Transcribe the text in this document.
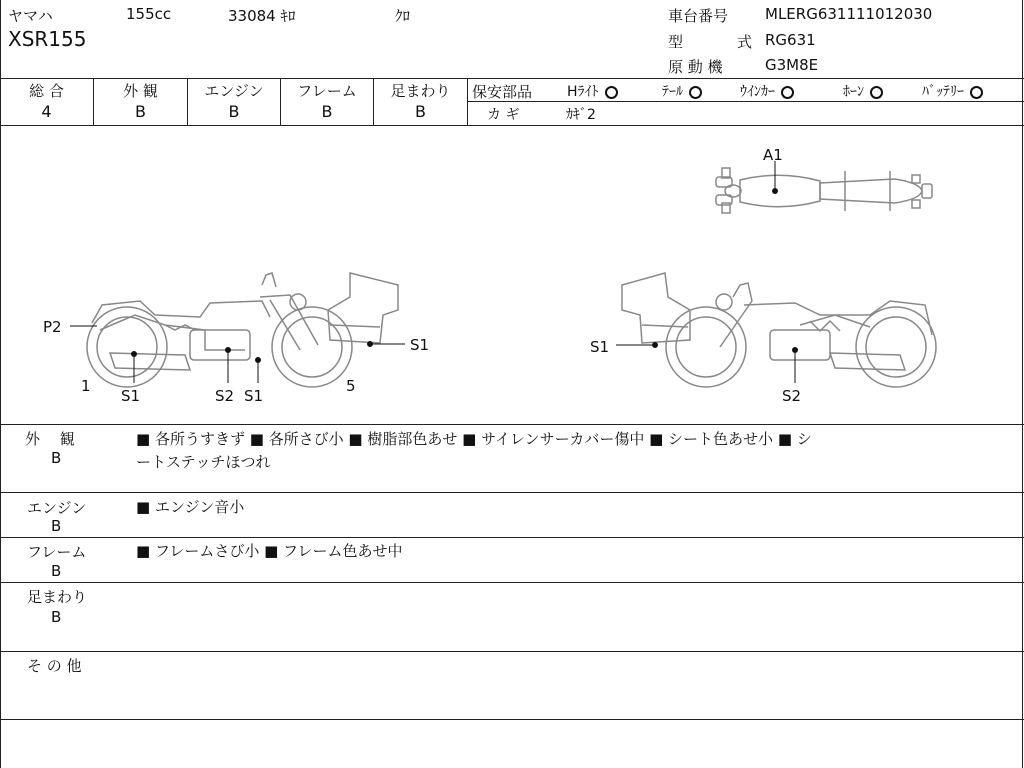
ヤマハ	155cc	33084 ｷﾛ	ｸﾛ
XSR155
車台番号 MLERG631111012030
型	式 RG631
原 動 機	G3M8E
総 合
4
外 観
B
エンジン
B
フレーム
B
足まわり
B
保安部品 Hﾗｲﾄ	ﾃｰﾙ	ｳｲﾝｶｰ	ﾎｰﾝ	ﾊﾞｯﾃﾘｰ
カ ギ	ｶｷﾞ2
A1
P2
1
S1	S2 S1
5
S1	S1
S2
外　 観
B
■ 各所うすきず ■ 各所さび小 ■ 樹脂部色あせ ■ サイレンサーカバー傷中 ■ シート色あせ小 ■ シ
ートステッチほつれ
エンジン
B
■ エンジン音小
フレーム
B
■ フレームさび小 ■ フレーム色あせ中
足まわり
B
そ の 他
